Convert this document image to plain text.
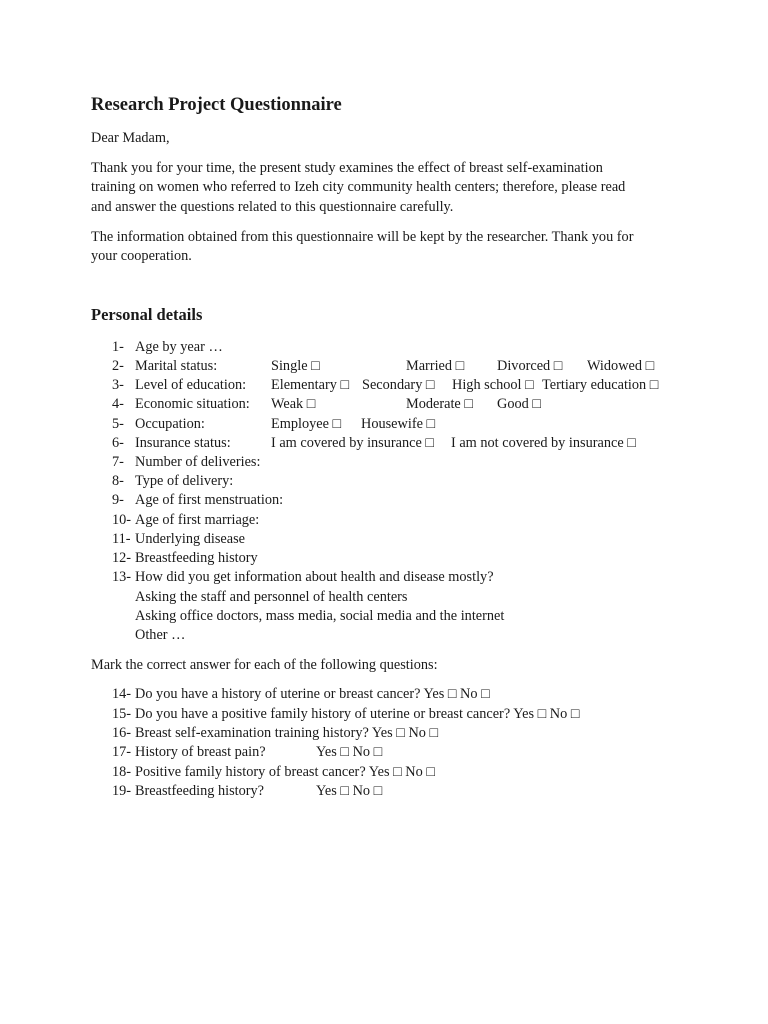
Research Project Questionnaire

Dear Madam,

Thank you for your time, the present study examines the effect of breast self-examination
training on women who referred to Izeh city community health centers; therefore, please read
and answer the questions related to this questionnaire carefully.
The information obtained from this questionnaire will be kept by the researcher. Thank you for
your cooperation.
Personal details
1- Age by year …
2- Marital status:	Single □	Married □ Divorced □ Widowed □
3- Level of education: Elementary □ Secondary □ High school □ Tertiary education □
4- Economic situation: Weak □	Moderate □ Good □
5- Occupation:	Employee □ Housewife □
6- Insurance status:	I am covered by insurance □ I am not covered by insurance □
7- Number of deliveries:
8- Type of delivery:
9- Age of first menstruation:
10- Age of first marriage:
11- Underlying disease
12- Breastfeeding history
13- How did you get information about health and disease mostly?
Asking the staff and personnel of health centers
Asking office doctors, mass media, social media and the internet
Other …

Mark the correct answer for each of the following questions:

14- Do you have a history of uterine or breast cancer? Yes □ No □
15- Do you have a positive family history of uterine or breast cancer? Yes □ No □
16- Breast self-examination training history? Yes □ No □
17- History of breast pain?	Yes □ No □
18- Positive family history of breast cancer? Yes □ No □
19- Breastfeeding history?	Yes □ No □
